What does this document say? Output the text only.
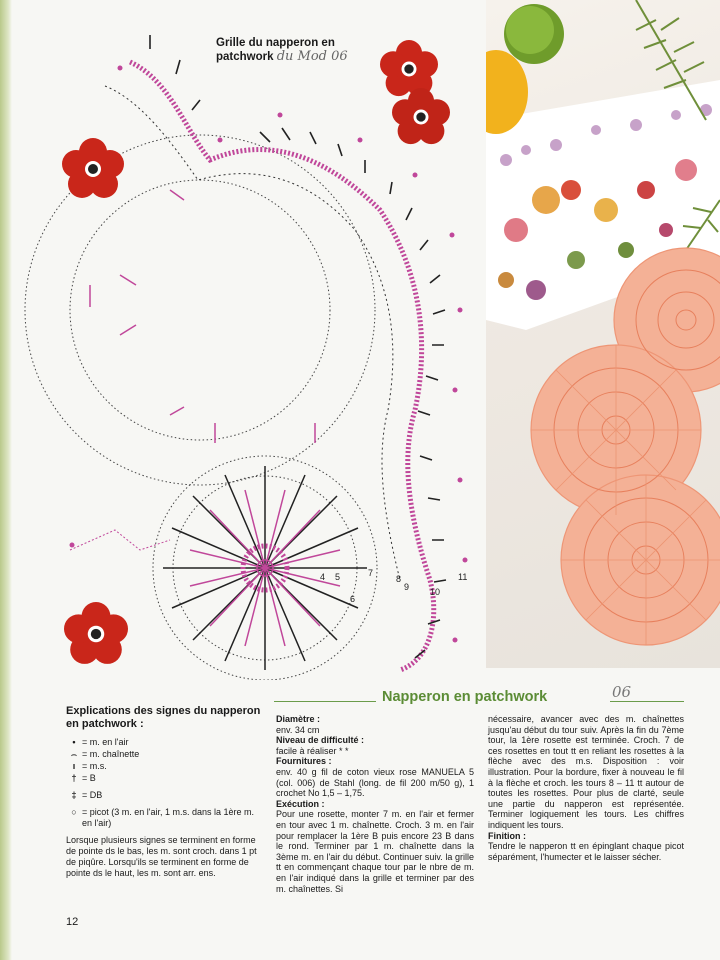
4 5
6
7
8
9 10
11
Grille du napperon en patchwork du Mod 06
Napperon en patchwork	06
Explications des signes du napperon en patchwork :
• = m. en l'air
⌢ = m. chaînette
ı = m.s.
† = B
‡ = DB
○ = picot (3 m. en l'air, 1 m.s. dans la 1ère m. en l'air)
Lorsque plusieurs signes se terminent en forme de pointe ds le bas, les m. sont croch. dans 1 pt de piqûre. Lorsqu'ils se terminent en forme de pointe ds le haut, les m. sont arr. ens.
Diamètre :
env. 34 cm
Niveau de difficulté :
facile à réaliser * *
Fournitures :
env. 40 g fil de coton vieux rose MANUELA 5 (col. 006) de Stahl (long. de fil 200 m/50 g), 1 crochet No 1,5 – 1,75.
Exécution :
Pour une rosette, monter 7 m. en l'air et fermer en tour avec 1 m. chaînette. Croch. 3 m. en l'air pour remplacer la 1ère B puis encore 23 B dans le rond. Terminer par 1 m. chaînette dans la 3ème m. en l'air du début. Continuer suiv. la grille tt en commençant chaque tour par le nbre de m. en l'air indiqué dans la grille et terminer par des m. chaînettes. Si
nécessaire, avancer avec des m. chaînettes jusqu'au début du tour suiv. Après la fin du 7ème tour, la 1ère rosette est terminée. Croch. 7 de ces rosettes en tout tt en reliant les rosettes à la flèche avec des m.s. Disposition : voir illustration. Pour la bordure, fixer à nouveau le fil à la flèche et croch. les tours 8 – 11 tt autour de toutes les rosettes. Pour plus de clarté, seule une partie du napperon est représentée. Terminer logiquement les tours. Les chiffres indiquent les tours.
Finition :
Tendre le napperon tt en épinglant chaque picot séparément, l'humecter et le laisser sécher.
12
